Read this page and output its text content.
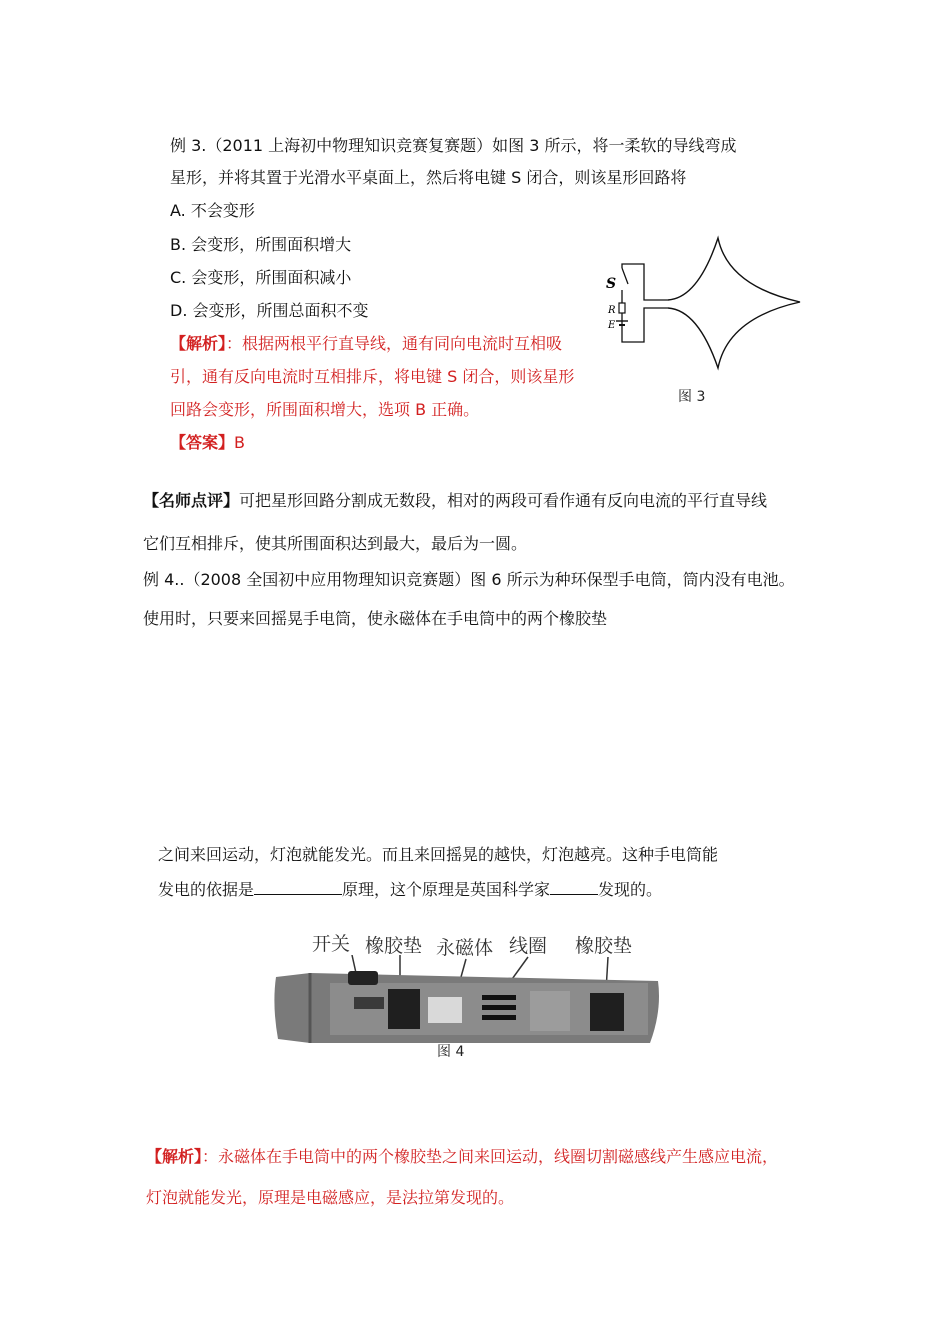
例 3.（2011 上海初中物理知识竞赛复赛题）如图 3 所示，将一柔软的导线弯成
星形，并将其置于光滑水平桌面上，然后将电键 S 闭合，则该星形回路将
A. 不会变形
B. 会变形，所围面积增大
C. 会变形，所围面积减小
D. 会变形，所围总面积不变
【解析】：根据两根平行直导线，通有同向电流时互相吸
引，通有反向电流时互相排斥，将电键 S 闭合，则该星形
回路会变形，所围面积增大，选项 B 正确。
【答案】B
S
R
E
图 3
【名师点评】可把星形回路分割成无数段，相对的两段可看作通有反向电流的平行直导线
它们互相排斥，使其所围面积达到最大，最后为一圆。
例 4..（2008 全国初中应用物理知识竞赛题）图 6 所示为种环保型手电筒，筒内没有电池。
使用时，只要来回摇晃手电筒，使永磁体在手电筒中的两个橡胶垫
之间来回运动，灯泡就能发光。而且来回摇晃的越快，灯泡越亮。这种手电筒能
发电的依据是	原理，这个原理是英国科学家	发现的。
开关 橡胶垫 永磁体 线圈 橡胶垫
图 4
【解析】：永磁体在手电筒中的两个橡胶垫之间来回运动，线圈切割磁感线产生感应电流，
灯泡就能发光，原理是电磁感应，是法拉第发现的。
